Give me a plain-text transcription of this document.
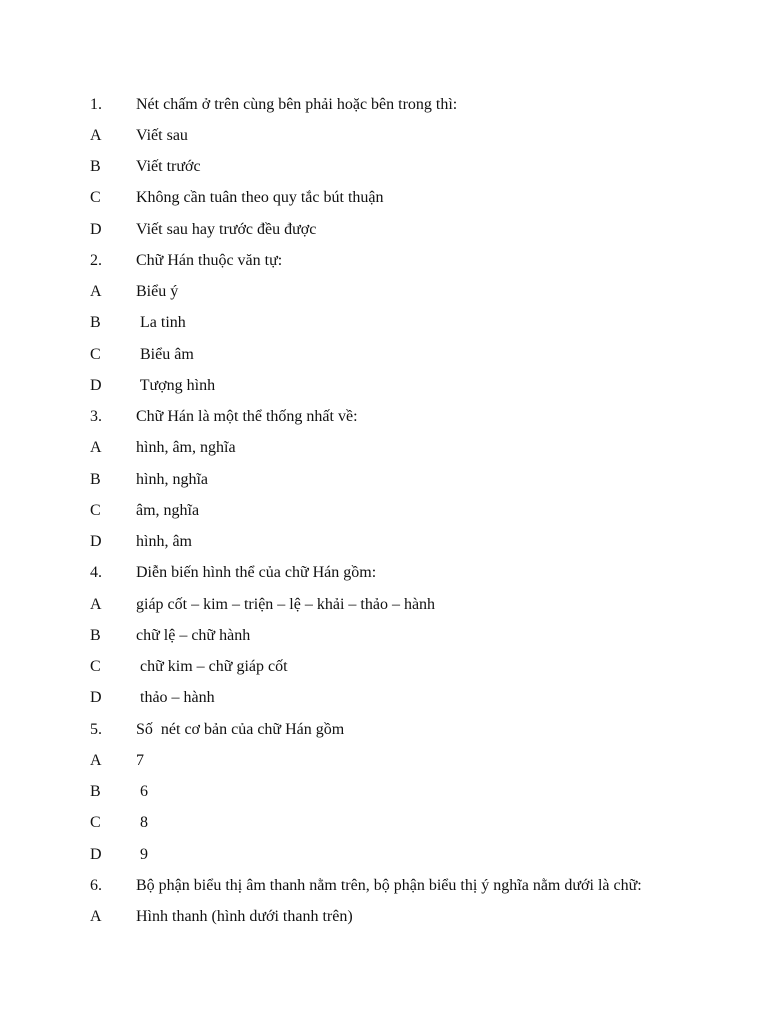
1.	Nét chấm ở trên cùng bên phải hoặc bên trong thì:
A	Viết sau
B	Viết trước
C	Không cần tuân theo quy tắc bút thuận
D	Viết sau hay trước đều được
2.	Chữ Hán thuộc văn tự:
A	Biểu ý
B	La tinh
C	Biểu âm
D	Tượng hình
3.	Chữ Hán là một thể thống nhất về:
A	hình, âm, nghĩa
B	hình, nghĩa
C	âm, nghĩa
D	hình, âm
4.	Diễn biến hình thể của chữ Hán gồm:
A	giáp cốt – kim – triện – lệ – khải – thảo – hành
B	chữ lệ – chữ hành
C	chữ kim – chữ giáp cốt
D	thảo – hành
5.	Số  nét cơ bản của chữ Hán gồm
A	7
B	6
C	8
D	9
6.	Bộ phận biểu thị âm thanh nằm trên, bộ phận biểu thị ý nghĩa nằm dưới là chữ:
A	Hình thanh (hình dưới thanh trên)
